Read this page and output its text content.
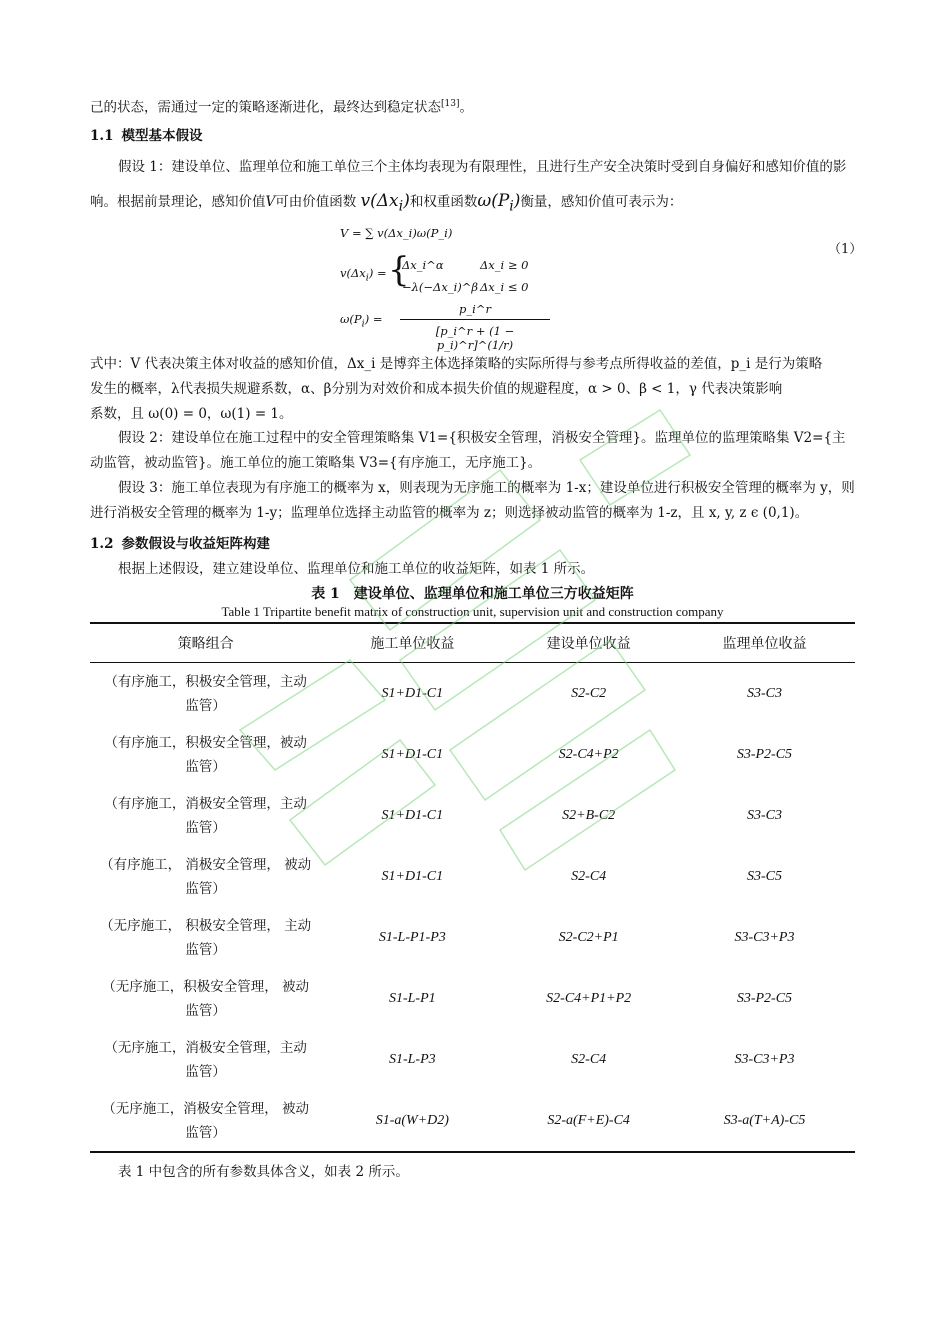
己的状态，需通过一定的策略逐渐进化，最终达到稳定状态[13]。

1.1 模型基本假设

假设 1：建设单位、监理单位和施工单位三个主体均表现为有限理性，且进行生产安全决策时受到自身偏好和感知价值的影响。根据前景理论，感知价值V可由价值函数 $v(\Delta x_i)$和权重函数$\omega(P_i)$衡量，感知价值可表示为：

V = ∑ v(Δx_i)ω(P_i)
$v(\Delta x_i)$ = {
Δx_i^α	Δx_i ≥ 0
−λ(−Δx_i)^β Δx_i ≤ 0
$\omega(P_i)$ =
p_i^r
[p_i^r + (1 − p_i)^r]^(1/r)
（1）

式中：V 代表决策主体对收益的感知价值，Δx_i 是博弈主体选择策略的实际所得与参考点所得收益的差值，p_i 是行为策略
发生的概率，λ代表损失规避系数，α、β分别为对效价和成本损失价值的规避程度，α > 0、β < 1，γ 代表决策影响
系数，且 ω(0) = 0，ω(1) = 1。

假设 2：建设单位在施工过程中的安全管理策略集 V1={积极安全管理，消极安全管理}。监理单位的监理策略集 V2={主动监管，被动监管}。施工单位的施工策略集 V3={有序施工，无序施工}。

假设 3：施工单位表现为有序施工的概率为 x，则表现为无序施工的概率为 1-x；建设单位进行积极安全管理的概率为 y，则进行消极安全管理的概率为 1-y；监理单位选择主动监管的概率为 z；则选择被动监管的概率为 1-z，且 x, y, z ϵ (0,1)。

1.2 参数假设与收益矩阵构建

根据上述假设，建立建设单位、监理单位和施工单位的收益矩阵，如表 1 所示。

表 1　建设单位、监理单位和施工单位三方收益矩阵

Table 1 Tripartite benefit matrix of construction unit, supervision unit and construction company

策略组合	施工单位收益	建设单位收益	监理单位收益
（有序施工，积极安全管理，主动监管）	S1+D1-C1	S2-C2	S3-C3
（有序施工，积极安全管理，被动监管）	S1+D1-C1	S2-C4+P2	S3-P2-C5
（有序施工，消极安全管理，主动监管）	S1+D1-C1	S2+B-C2	S3-C3
（有序施工， 消极安全管理， 被动监管）	S1+D1-C1	S2-C4	S3-C5
（无序施工， 积极安全管理， 主动监管）	S1-L-P1-P3	S2-C2+P1	S3-C3+P3
（无序施工，积极安全管理， 被动监管）	S1-L-P1	S2-C4+P1+P2	S3-P2-C5
（无序施工，消极安全管理，主动监管）	S1-L-P3	S2-C4	S3-C3+P3
（无序施工，消极安全管理， 被动监管）	S1-a(W+D2)	S2-a(F+E)-C4	S3-a(T+A)-C5

表 1 中包含的所有参数具体含义，如表 2 所示。
